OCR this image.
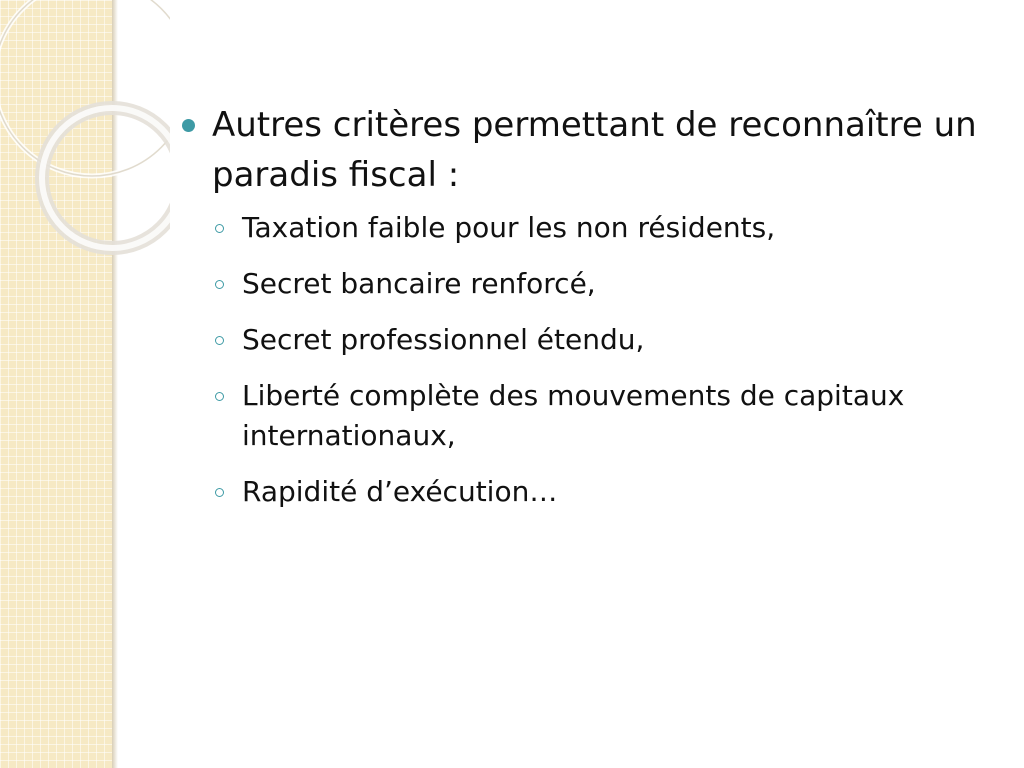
Autres critères permettant de reconnaître un paradis fiscal :
Taxation faible pour les non résidents,
Secret bancaire renforcé,
Secret professionnel étendu,
Liberté complète des mouvements de capitaux internationaux,
Rapidité d’exécution…
